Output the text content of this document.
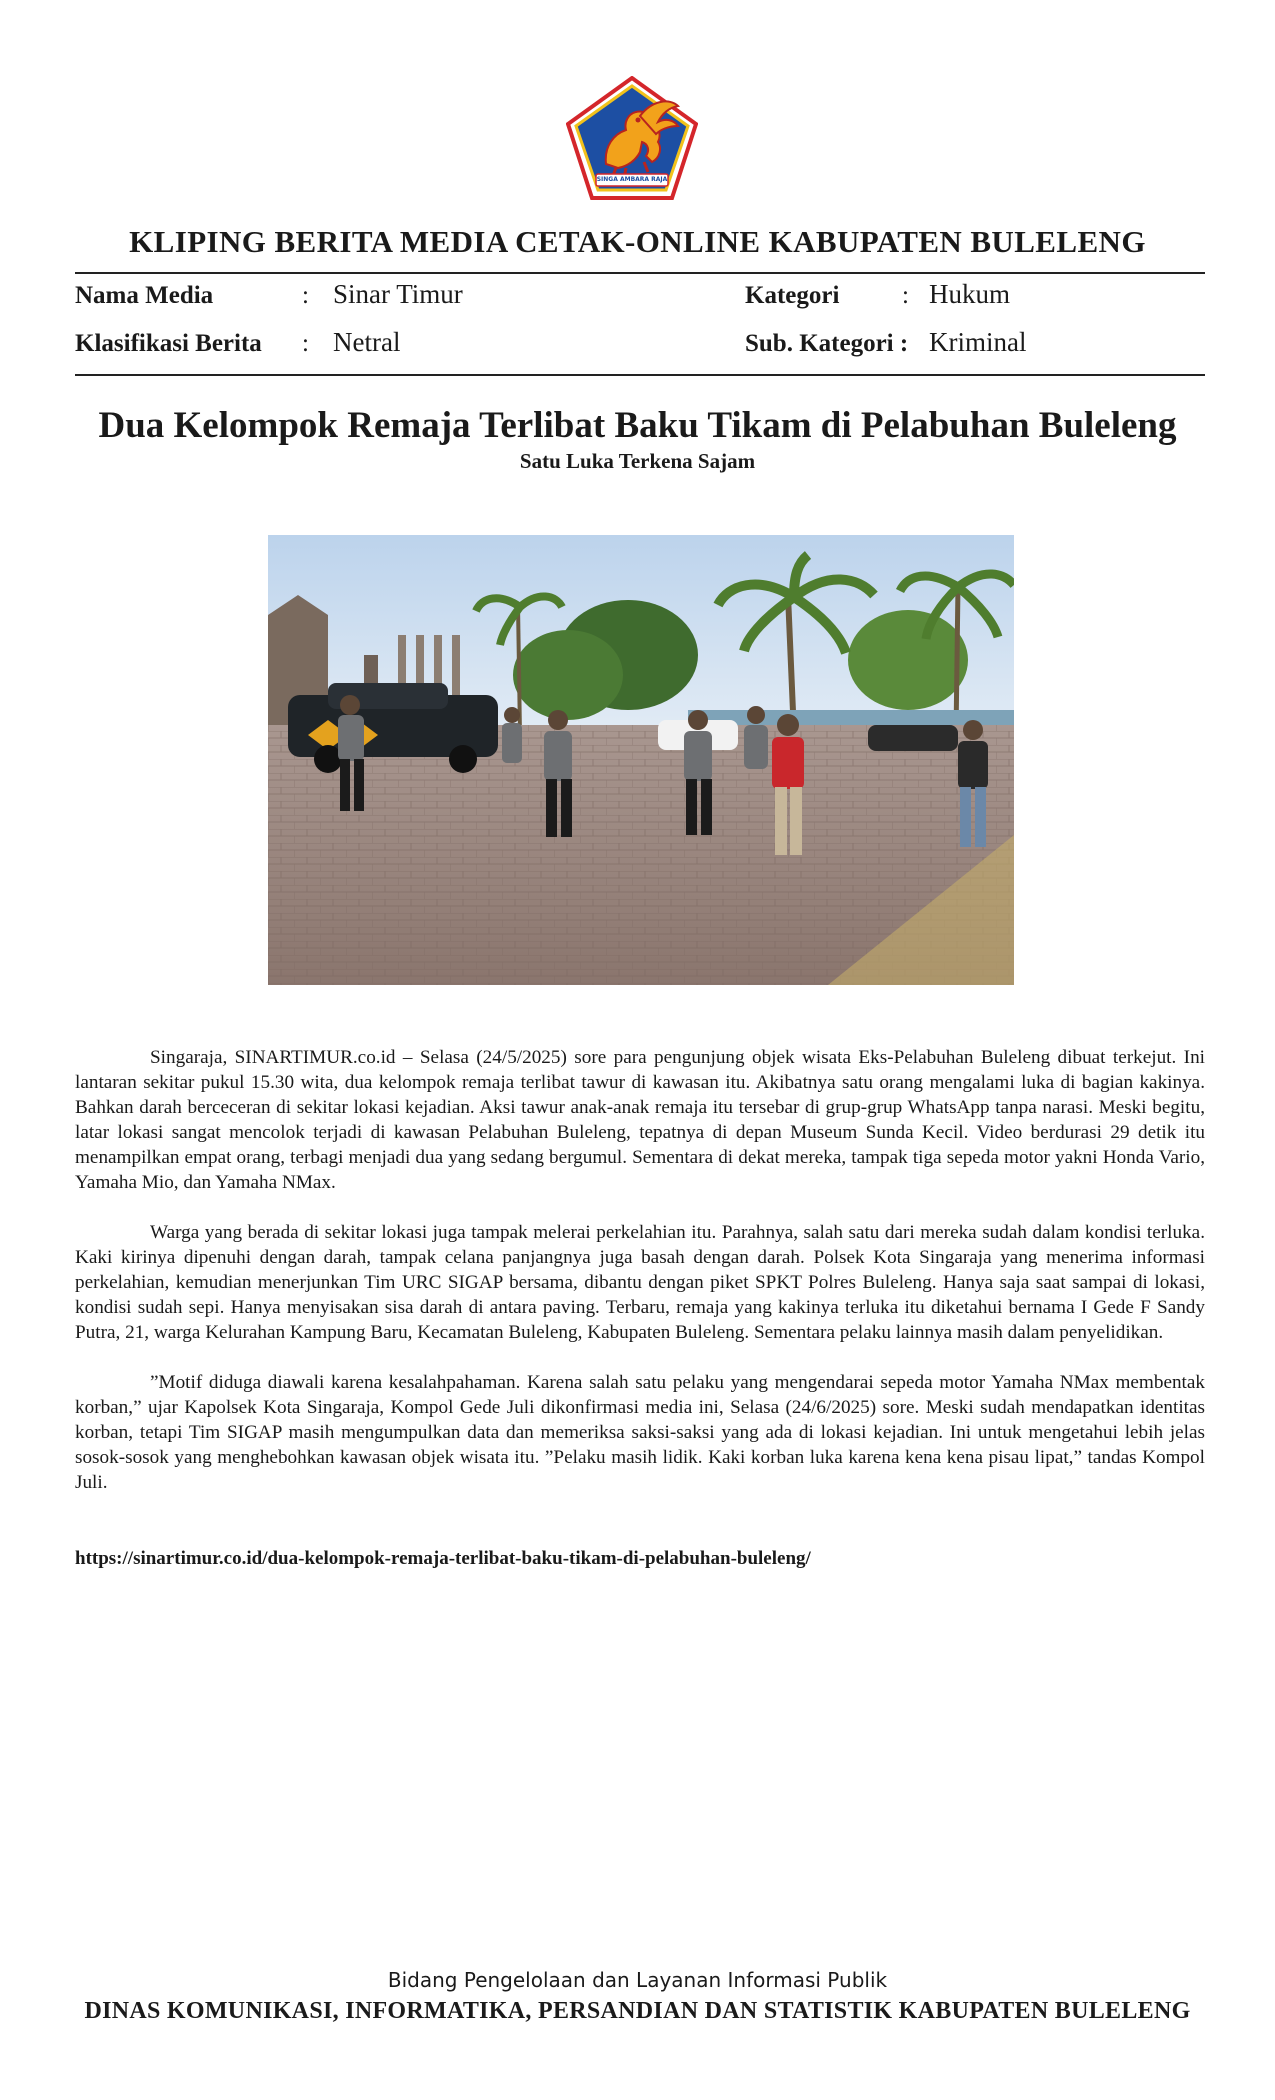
SINGA AMBARA RAJA
KLIPING BERITA MEDIA CETAK-ONLINE KABUPATEN BULELENG
Nama Media	: Sinar Timur	Kategori	: Hukum
Klasifikasi Berita : Netral	Sub. Kategori : Kriminal
Dua Kelompok Remaja Terlibat Baku Tikam di Pelabuhan Buleleng
Satu Luka Terkena Sajam

Singaraja, SINARTIMUR.co.id – Selasa (24/5/2025) sore para pengunjung objek wisata Eks-Pelabuhan Buleleng dibuat terkejut. Ini lantaran sekitar pukul 15.30 wita, dua kelompok remaja terlibat tawur di kawasan itu. Akibatnya satu orang mengalami luka di bagian kakinya. Bahkan darah berceceran di sekitar lokasi kejadian. Aksi tawur anak-anak remaja itu tersebar di grup-grup WhatsApp tanpa narasi. Meski begitu, latar lokasi sangat mencolok terjadi di kawasan Pelabuhan Buleleng, tepatnya di depan Museum Sunda Kecil. Video berdurasi 29 detik itu menampilkan empat orang, terbagi menjadi dua yang sedang bergumul. Sementara di dekat mereka, tampak tiga sepeda motor yakni Honda Vario, Yamaha Mio, dan Yamaha NMax.

Warga yang berada di sekitar lokasi juga tampak melerai perkelahian itu. Parahnya, salah satu dari mereka sudah dalam kondisi terluka. Kaki kirinya dipenuhi dengan darah, tampak celana panjangnya juga basah dengan darah. Polsek Kota Singaraja yang menerima informasi perkelahian, kemudian menerjunkan Tim URC SIGAP bersama, dibantu dengan piket SPKT Polres Buleleng. Hanya saja saat sampai di lokasi, kondisi sudah sepi. Hanya menyisakan sisa darah di antara paving. Terbaru, remaja yang kakinya terluka itu diketahui bernama I Gede F Sandy Putra, 21, warga Kelurahan Kampung Baru, Kecamatan Buleleng, Kabupaten Buleleng. Sementara pelaku lainnya masih dalam penyelidikan.

”Motif diduga diawali karena kesalahpahaman. Karena salah satu pelaku yang mengendarai sepeda motor Yamaha NMax membentak korban,” ujar Kapolsek Kota Singaraja, Kompol Gede Juli dikonfirmasi media ini, Selasa (24/6/2025) sore. Meski sudah mendapatkan identitas korban, tetapi Tim SIGAP masih mengumpulkan data dan memeriksa saksi-saksi yang ada di lokasi kejadian. Ini untuk mengetahui lebih jelas sosok-sosok yang menghebohkan kawasan objek wisata itu. ”Pelaku masih lidik. Kaki korban luka karena kena kena pisau lipat,” tandas Kompol Juli.

https://sinartimur.co.id/dua-kelompok-remaja-terlibat-baku-tikam-di-pelabuhan-buleleng/
Bidang Pengelolaan dan Layanan Informasi Publik
DINAS KOMUNIKASI, INFORMATIKA, PERSANDIAN DAN STATISTIK KABUPATEN BULELENG
